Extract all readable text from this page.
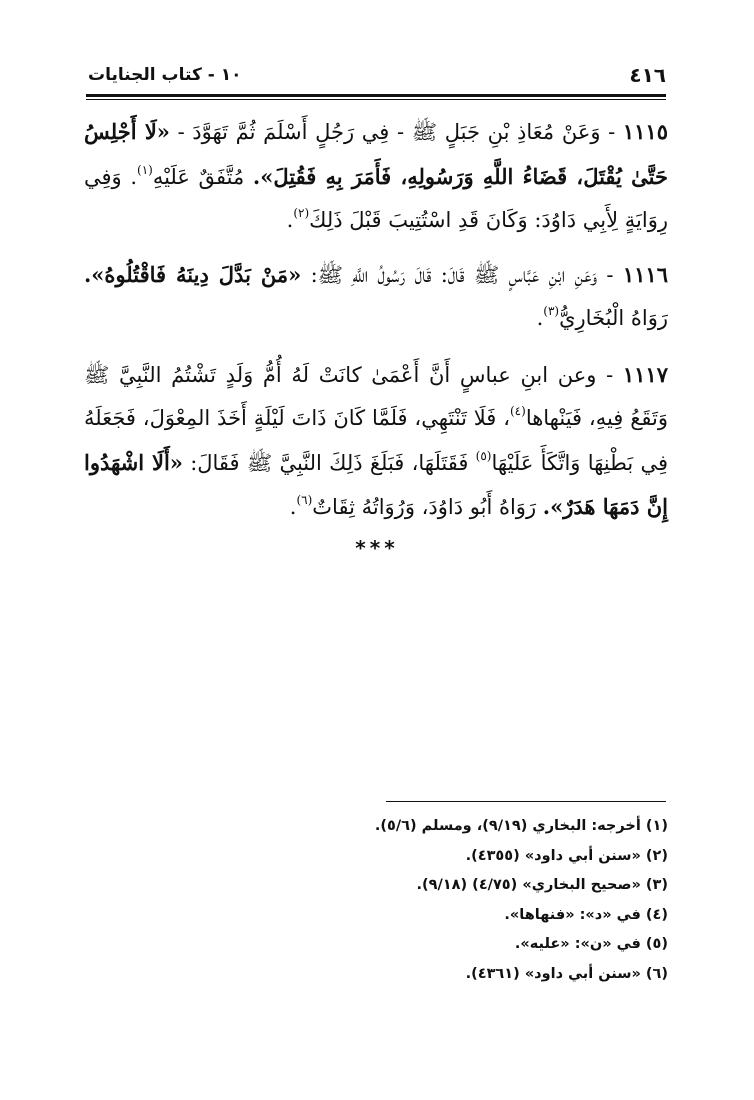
٤١٦
١٠ - كتاب الجنايات

١١١٥ - وَعَنْ مُعَاذِ بْنِ جَبَلٍ ﷺ - فِي رَجُلٍ أَسْلَمَ ثُمَّ تَهَوَّدَ - «لَا أَجْلِسُ حَتَّىٰ يُقْتَلَ، قَضَاءُ اللَّهِ وَرَسُولِهِ، فَأَمَرَ بِهِ فَقُتِلَ». مُتَّفَقٌ عَلَيْهِ$^{(١)}$. وَفِي رِوَايَةٍ لِأَبِي دَاوُدَ: وَكَانَ قَدِ اسْتُتِيبَ قَبْلَ ذَلِكَ$^{(٢)}$.

١١١٦ - وَعَنِ ابْنِ عَبَّاسٍ ﷺ قَالَ: قَالَ رَسُولُ اللَّهِ ﷺ: «مَنْ بَدَّلَ دِينَهُ فَاقْتُلُوهُ». رَوَاهُ الْبُخَارِيُّ$^{(٣)}$.

١١١٧ - وعن ابنِ عباسٍ أَنَّ أَعْمَىٰ كانَتْ لَهُ أُمُّ وَلَدٍ تَشْتُمُ النَّبِيَّ ﷺ وَتَقَعُ فِيهِ، فَيَنْهاها$^{(٤)}$، فَلَا تَنْتَهِي، فَلَمَّا كَانَ ذَاتَ لَيْلَةٍ أَخَذَ المِعْوَلَ، فَجَعَلَهُ فِي بَطْنِهَا وَاتَّكَأَ عَلَيْهَا$^{(٥)}$ فَقَتَلَهَا، فَبَلَغَ ذَلِكَ النَّبِيَّ ﷺ فَقَالَ: «أَلَا اشْهَدُوا إِنَّ دَمَهَا هَدَرٌ». رَوَاهُ أَبُو دَاوُدَ، وَرُوَاتُهُ ثِقَاتٌ$^{(٦)}$.

***

(١) أخرجه: البخاري (٩/١٩)، ومسلم (٥/٦).

(٢) «سنن أبي داود» (٤٣٥٥).

(٣) «صحيح البخاري» (٤/٧٥) (٩/١٨).

(٤) في «د»: «فنهاها».

(٥) في «ن»: «عليه».

(٦) «سنن أبي داود» (٤٣٦١).
